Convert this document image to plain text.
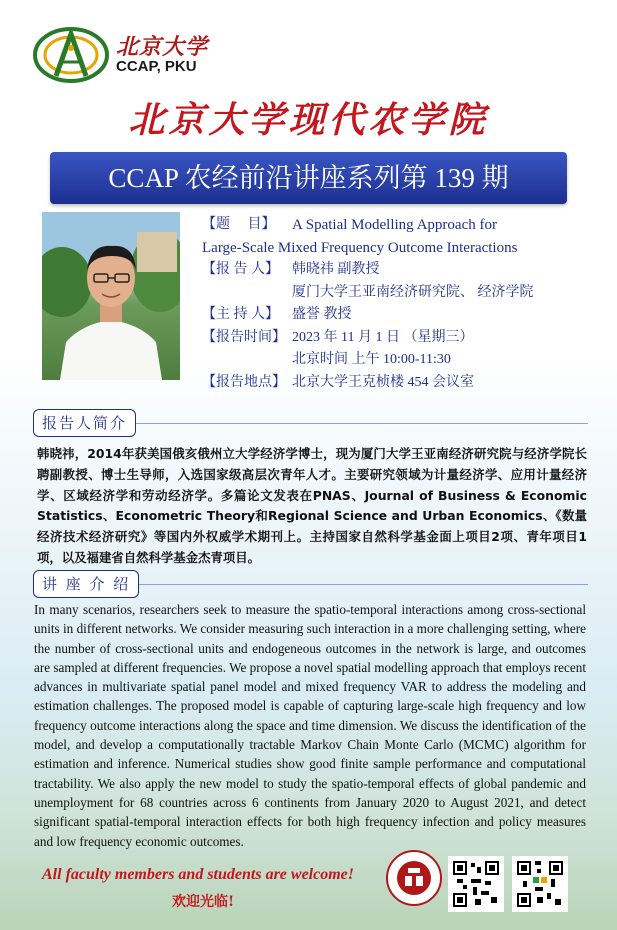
北京大学
CCAP, PKU
北京大学现代农学院
CCAP 农经前沿讲座系列第 139 期
【题     目】	A Spatial Modelling Approach for
Large-Scale Mixed Frequency Outcome Interactions
【报 告 人】 韩晓祎 副教授
厦门大学王亚南经济研究院、 经济学院
【主 持 人】 盛誉 教授
【报告时间】 2023 年 11 月 1 日 （星期三）
北京时间 上午 10:00-11:30
【报告地点】 北京大学王克桢楼 454 会议室
报告人简介
韩晓祎，2014年获美国俄亥俄州立大学经济学博士，现为厦门大学王亚南经济研究院与经济学院长聘副教授、博士生导师，入选国家级高层次青年人才。主要研究领域为计量经济学、应用计量经济学、区域经济学和劳动经济学。多篇论文发表在PNAS、Journal of Business & Economic Statistics、Econometric Theory和Regional Science and Urban Economics、《数量经济技术经济研究》等国内外权威学术期刊上。主持国家自然科学基金面上项目2项、青年项目1项，以及福建省自然科学基金杰青项目。
讲 座 介 绍
In many scenarios, researchers seek to measure the spatio-temporal interactions among cross-sectional units in different networks. We consider measuring such interaction in a more challenging setting, where the number of cross-sectional units and endogeneous outcomes in the network is large, and outcomes are sampled at different frequencies. We propose a novel spatial modelling approach that employs recent advances in multivariate spatial panel model and mixed frequency VAR to address the modeling and estimation challenges. The proposed model is capable of capturing large-scale high frequency and low frequency outcome interactions along the space and time dimension. We discuss the identification of the model, and develop a computationally tractable Markov Chain Monte Carlo (MCMC) algorithm for estimation and inference. Numerical studies show good finite sample performance and computational tractability. We also apply the new model to study the spatio-temporal effects of global pandemic and unemployment for 68 countries across 6 continents from January 2020 to August 2021, and detect significant spatial-temporal interaction effects for both high frequency infection and policy measures and low frequency economic outcomes.
All faculty members and students are welcome!
欢迎光临!
